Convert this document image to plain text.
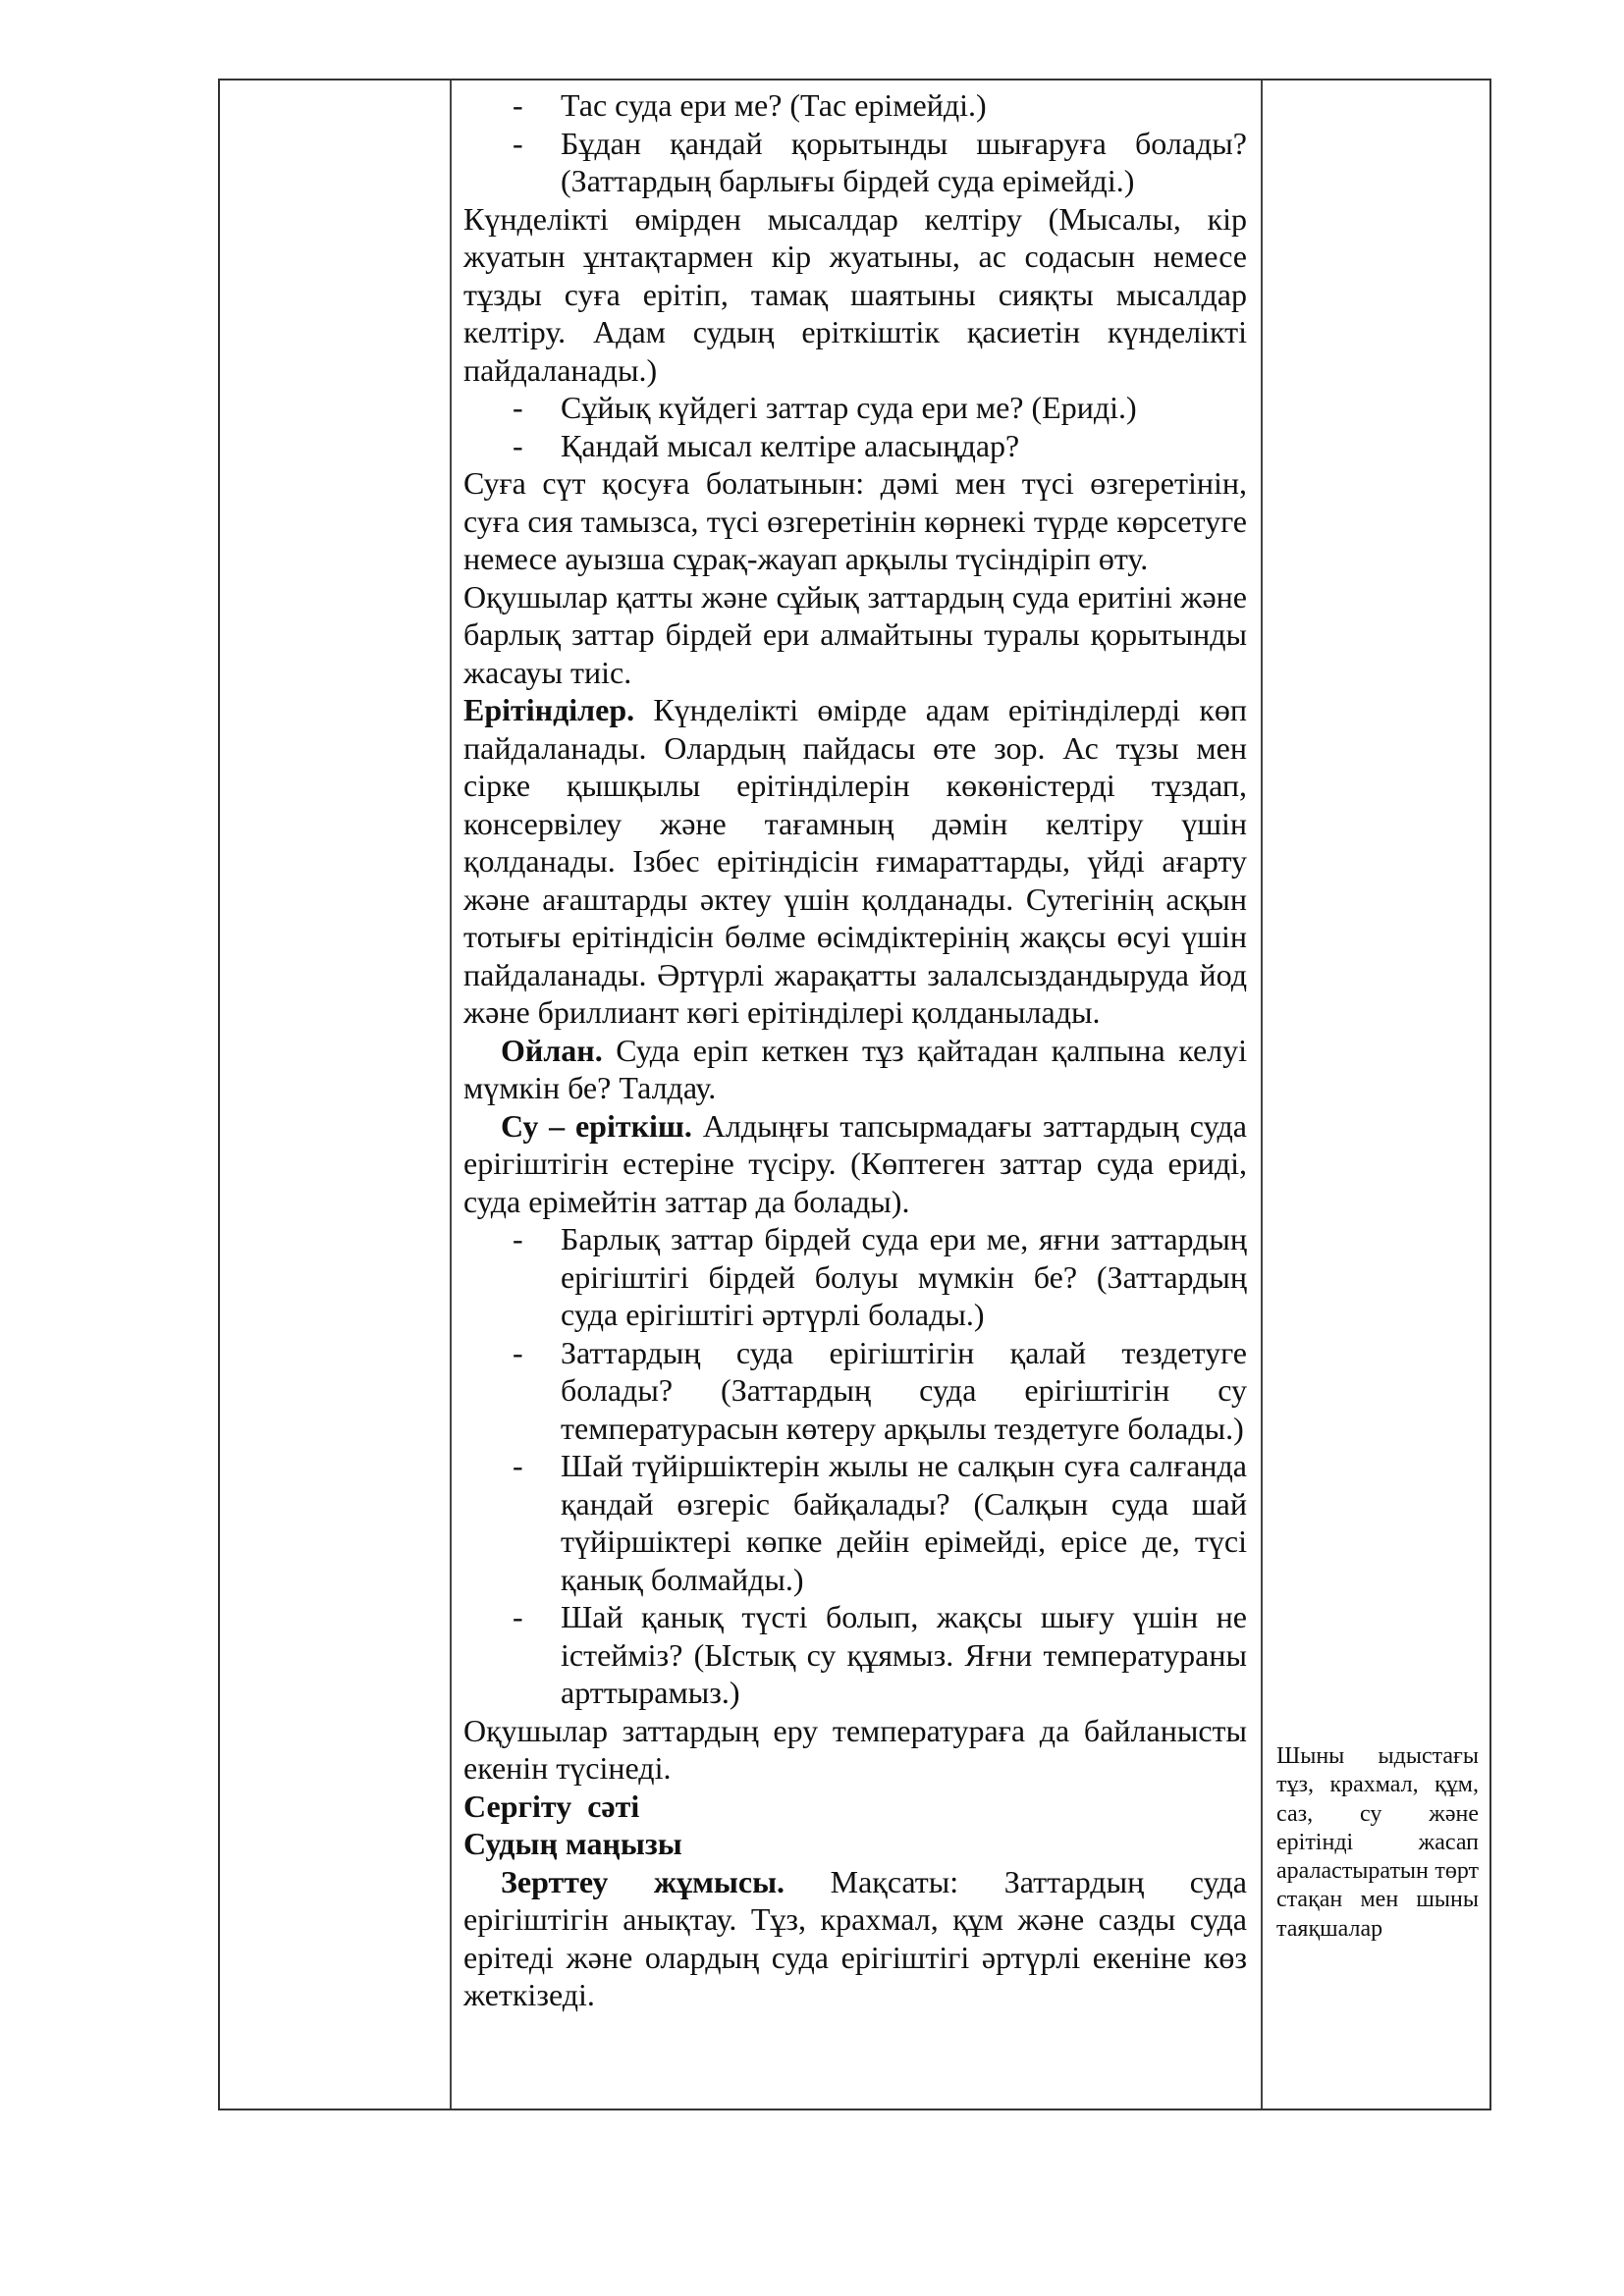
- Тас суда ери ме? (Тас ерімейді.)
- Бұдан қандай қорытынды шығаруға болады? (Заттардың барлығы бірдей суда ерімейді.)

Күнделікті өмірден мысалдар келтіру (Мысалы, кір жуатын ұнтақтармен кір жуатыны, ас содасын немесе тұзды суға ерітіп, тамақ шаятыны сияқты мысалдар келтіру. Адам судың еріткіштік қасиетін күнделікті пайдаланады.)

- Сұйық күйдегі заттар суда ери ме? (Ериді.)
- Қандай мысал келтіре аласыңдар?

Суға сүт қосуға болатынын: дәмі мен түсі өзгеретінін, суға сия тамызса, түсі өзгеретінін көрнекі түрде көрсетуге немесе ауызша сұрақ-жауап арқылы түсіндіріп өту.

Оқушылар қатты және сұйық заттардың суда еритіні және барлық заттар бірдей ери алмайтыны туралы қорытынды жасауы тиіс.

Ерітінділер. Күнделікті өмірде адам ерітінділерді көп пайдаланады. Олардың пайдасы өте зор. Ас тұзы мен сірке қышқылы ерітінділерін көкөністерді тұздап, консервілеу және тағамның дәмін келтіру үшін қолданады. Ізбес ерітіндісін ғимараттарды, үйді ағарту және ағаштарды әктеу үшін қолданады. Сутегінің асқын тотығы ерітіндісін бөлме өсімдіктерінің жақсы өсуі үшін пайдаланады. Әртүрлі жарақатты залалсыздандыруда йод және бриллиант көгі ерітінділері қолданылады.

Ойлан. Суда еріп кеткен тұз қайтадан қалпына келуі мүмкін бе? Талдау.

Су – еріткіш. Алдыңғы тапсырмадағы заттардың суда ерігіштігін естеріне түсіру. (Көптеген заттар суда ериді, суда ерімейтін заттар да болады).

- Барлық заттар бірдей суда ери ме, яғни заттардың ерігіштігі бірдей болуы мүмкін бе? (Заттардың суда ерігіштігі әртүрлі болады.)
- Заттардың суда ерігіштігін қалай тездетуге болады? (Заттардың суда ерігіштігін су температурасын көтеру арқылы тездетуге болады.)
- Шай түйіршіктерін жылы не салқын суға салғанда қандай өзгеріс байқалады? (Салқын суда шай түйіршіктері көпке дейін ерімейді, ерісе де, түсі қанық болмайды.)
- Шай қанық түсті болып, жақсы шығу үшін не істейміз? (Ыстық су құямыз. Яғни температураны арттырамыз.)

Оқушылар заттардың еру температураға да байланысты екенін түсінеді.

Сергіту  сәті

Судың маңызы

Зерттеу жұмысы. Мақсаты: Заттардың суда ерігіштігін анықтау. Тұз, крахмал, құм және сазды суда ерітеді және олардың суда ерігіштігі әртүрлі екеніне көз жеткізеді.

Шыны ыдыстағы тұз, крахмал, құм, саз, су және ерітінді жасап араластыратын төрт стақан мен шыны таяқшалар
